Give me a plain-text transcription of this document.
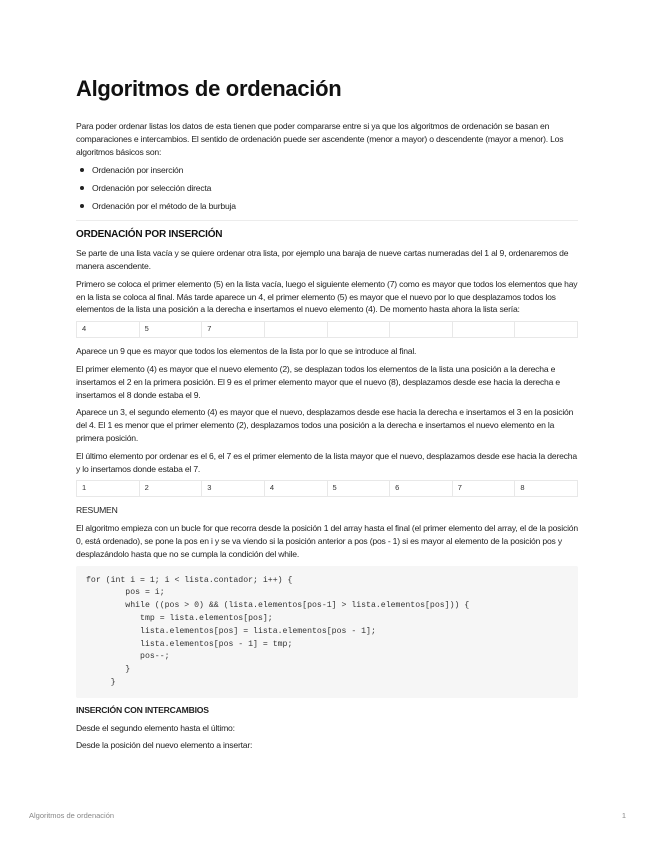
Algoritmos de ordenación

Para poder ordenar listas los datos de esta tienen que poder compararse entre si ya que los algoritmos de ordenación se basan en comparaciones e intercambios. El sentido de ordenación puede ser ascendente (menor a mayor) o descendente (mayor a menor). Los algoritmos básicos son:

Ordenación por inserción
Ordenación por selección directa
Ordenación por el método de la burbuja
ORDENACIÓN POR INSERCIÓN

Se parte de una lista vacía y se quiere ordenar otra lista, por ejemplo una baraja de nueve cartas numeradas del 1 al 9, ordenaremos de manera ascendente.

Primero se coloca el primer elemento (5) en la lista vacía, luego el siguiente elemento (7) como es mayor que todos los elementos que hay en la lista se coloca al final. Más tarde aparece un 4, el primer elemento (5) es mayor que el nuevo por lo que desplazamos todos los elementos de la lista una posición a la derecha e insertamos el nuevo elemento (4). De momento hasta ahora la lista sería:

4	5	7					

Aparece un 9 que es mayor que todos los elementos de la lista por lo que se introduce al final.

El primer elemento (4) es mayor que el nuevo elemento (2), se desplazan todos los elementos de la lista una posición a la derecha e insertamos el 2 en la primera posición. El 9 es el primer elemento mayor que el nuevo (8), desplazamos desde ese hacia la derecha e insertamos el 8 donde estaba el 9.

Aparece un 3, el segundo elemento (4) es mayor que el nuevo, desplazamos desde ese hacia la derecha e insertamos el 3 en la posición del 4. El 1 es menor que el primer elemento (2), desplazamos todos una posición a la derecha e insertamos el nuevo elemento en la primera posición.

El último elemento por ordenar es el 6, el 7 es el primer elemento de la lista mayor que el nuevo, desplazamos desde ese hacia la derecha y lo insertamos donde estaba el 7.

1	2	3	4	5	6	7	8
RESUMEN

El algoritmo empieza con un bucle for que recorra desde la posición 1 del array hasta el final (el primer elemento del array, el de la posición 0, está ordenado), se pone la pos en i y se va viendo si la posición anterior a pos (pos - 1) si es mayor al elemento de la posición pos y desplazándolo hasta que no se cumpla la condición del while.

for (int i = 1; i < lista.contador; i++) {
pos = i;
while ((pos > 0) && (lista.elementos[pos-1] > lista.elementos[pos])) {
tmp = lista.elementos[pos];
lista.elementos[pos] = lista.elementos[pos - 1];
lista.elementos[pos - 1] = tmp;
pos--;
}
}
INSERCIÓN CON INTERCAMBIOS

Desde el segundo elemento hasta el último:

Desde la posición del nuevo elemento a insertar:

Algoritmos de ordenación	1
